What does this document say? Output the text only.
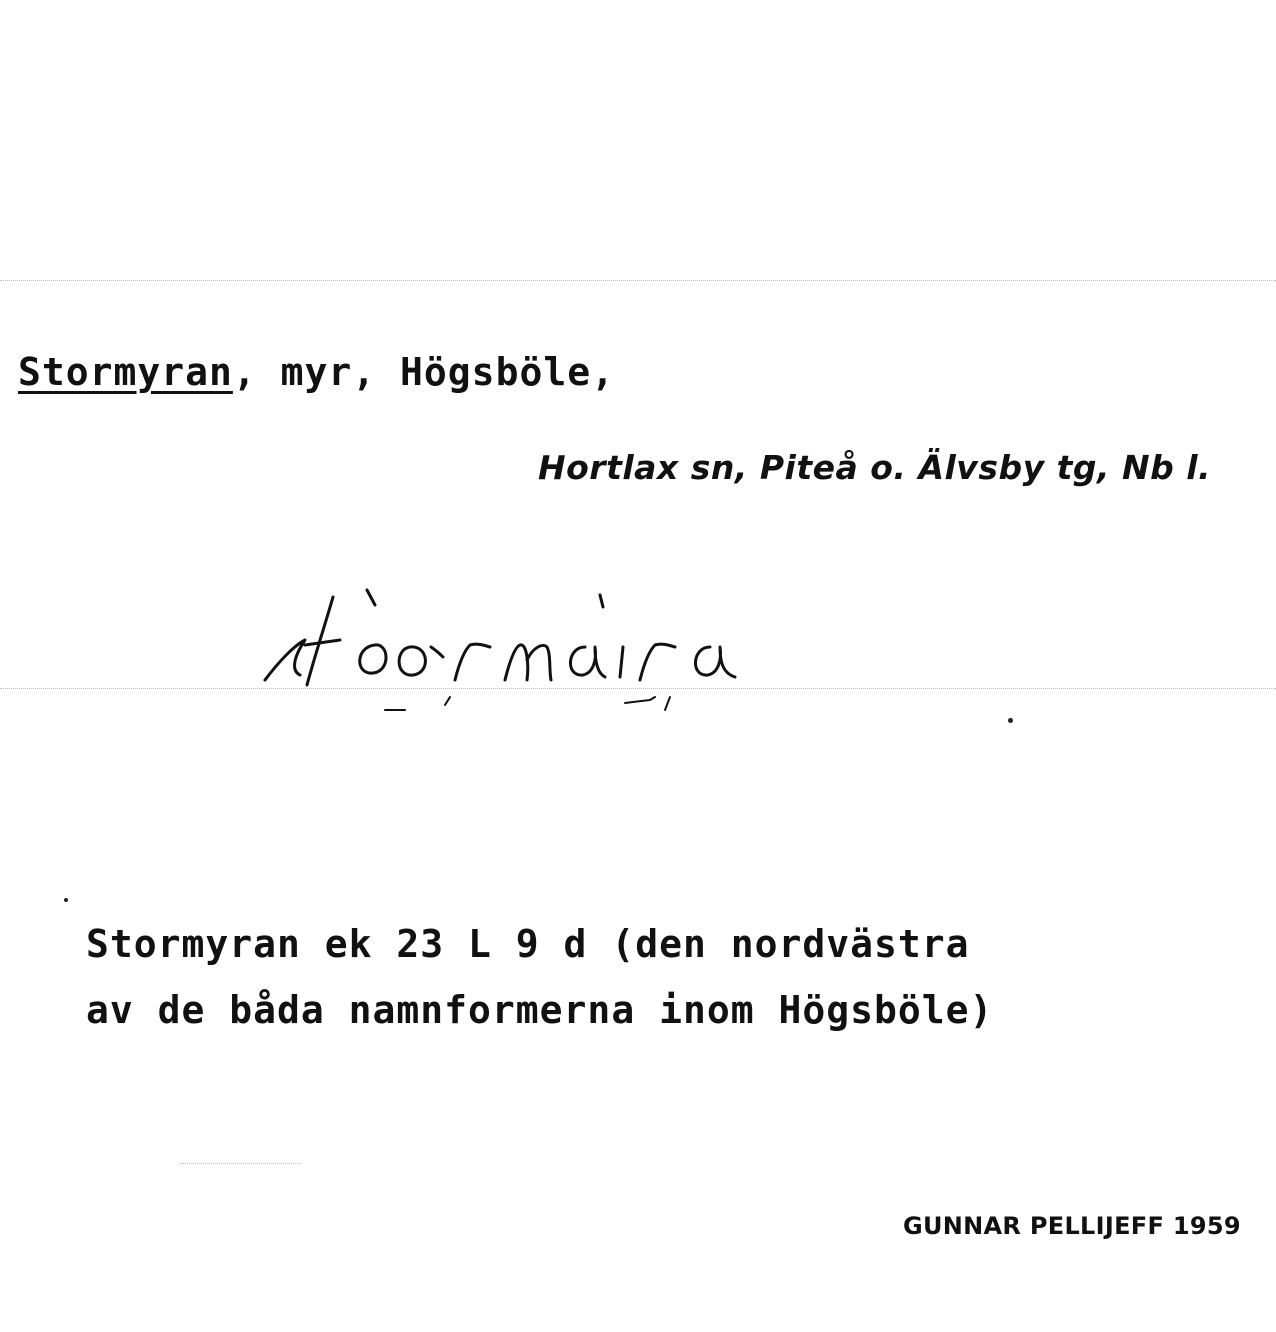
Stormyran, myr, Högsböle,
Hortlax sn, Piteå o. Älvsby tg, Nb l.
Stormyran ek 23 L 9 d (den nordvästra
av de båda namnformerna inom Högsböle)
GUNNAR PELLIJEFF 1959
